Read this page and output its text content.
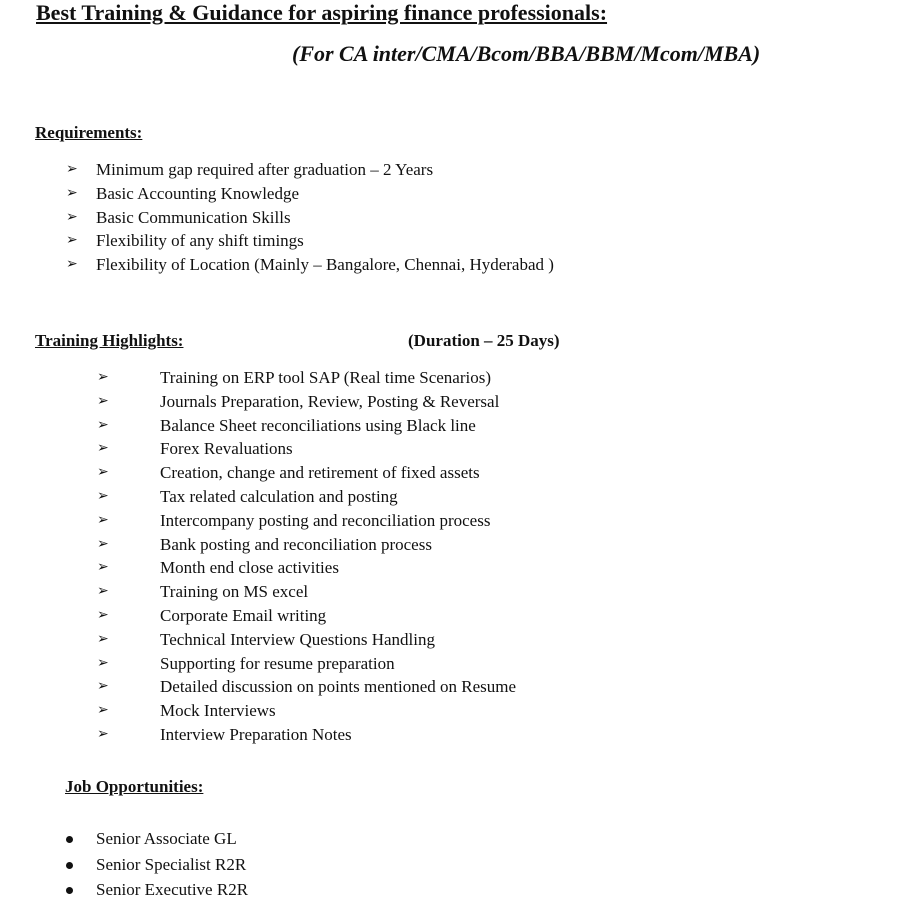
Best Training & Guidance for aspiring finance professionals:
(For CA inter/CMA/Bcom/BBA/BBM/Mcom/MBA)
Requirements:
➢ Minimum gap required after graduation – 2 Years
➢ Basic Accounting Knowledge
➢ Basic Communication Skills
➢ Flexibility of any shift timings
➢ Flexibility of Location (Mainly – Bangalore, Chennai, Hyderabad )
Training Highlights:	(Duration – 25 Days)
➢	Training on ERP tool SAP (Real time Scenarios)
➢	Journals Preparation, Review, Posting & Reversal
➢	Balance Sheet reconciliations using Black line
➢	Forex Revaluations
➢	Creation, change and retirement of fixed assets
➢	Tax related calculation and posting
➢	Intercompany posting and reconciliation process
➢	Bank posting and reconciliation process
➢	Month end close activities
➢	Training on MS excel
➢	Corporate Email writing
➢	Technical Interview Questions Handling
➢	Supporting for resume preparation
➢	Detailed discussion on points mentioned on Resume
➢	Mock Interviews
➢	Interview Preparation Notes
Job Opportunities:
Senior Associate GL
Senior Specialist R2R
Senior Executive R2R
